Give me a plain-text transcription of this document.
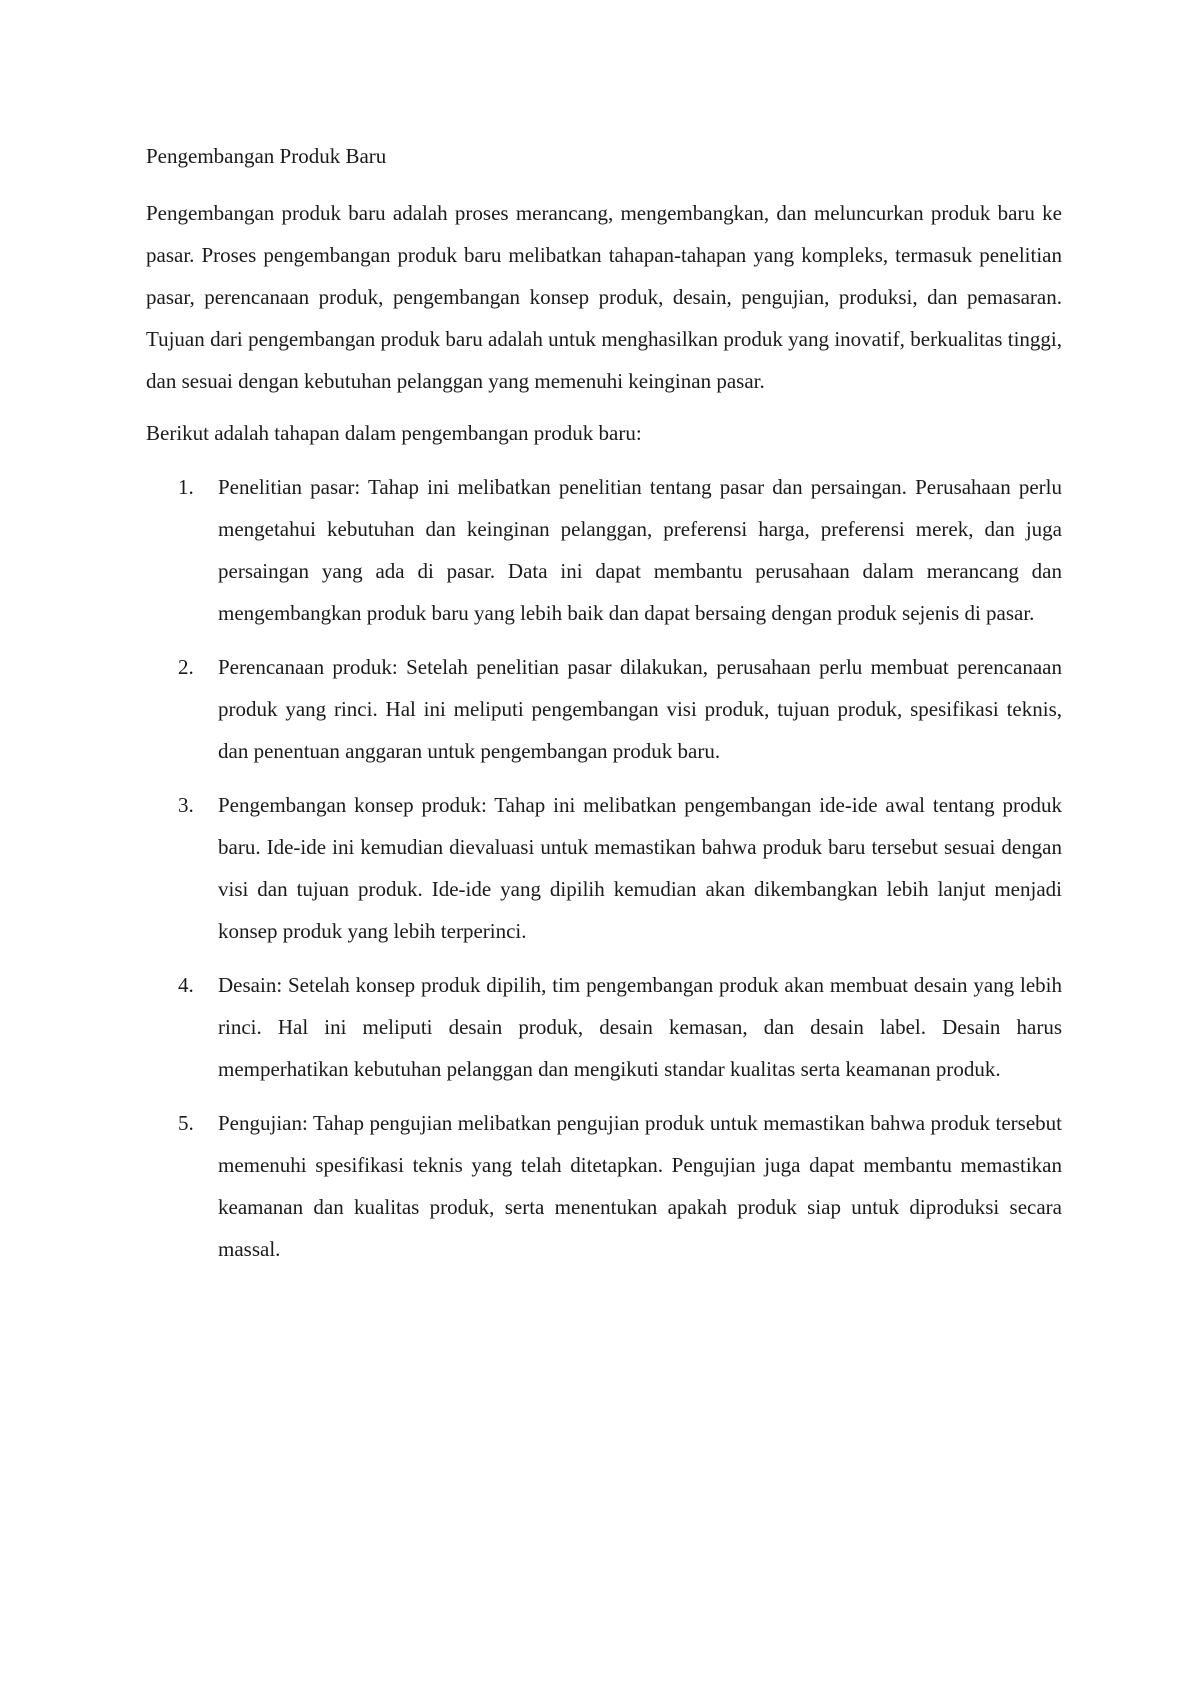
Pengembangan Produk Baru

Pengembangan produk baru adalah proses merancang, mengembangkan, dan meluncurkan produk baru ke pasar. Proses pengembangan produk baru melibatkan tahapan-tahapan yang kompleks, termasuk penelitian pasar, perencanaan produk, pengembangan konsep produk, desain, pengujian, produksi, dan pemasaran. Tujuan dari pengembangan produk baru adalah untuk menghasilkan produk yang inovatif, berkualitas tinggi, dan sesuai dengan kebutuhan pelanggan yang memenuhi keinginan pasar.

Berikut adalah tahapan dalam pengembangan produk baru:

1. Penelitian pasar: Tahap ini melibatkan penelitian tentang pasar dan persaingan. Perusahaan perlu mengetahui kebutuhan dan keinginan pelanggan, preferensi harga, preferensi merek, dan juga persaingan yang ada di pasar. Data ini dapat membantu perusahaan dalam merancang dan mengembangkan produk baru yang lebih baik dan dapat bersaing dengan produk sejenis di pasar.
2. Perencanaan produk: Setelah penelitian pasar dilakukan, perusahaan perlu membuat perencanaan produk yang rinci. Hal ini meliputi pengembangan visi produk, tujuan produk, spesifikasi teknis, dan penentuan anggaran untuk pengembangan produk baru.
3. Pengembangan konsep produk: Tahap ini melibatkan pengembangan ide-ide awal tentang produk baru. Ide-ide ini kemudian dievaluasi untuk memastikan bahwa produk baru tersebut sesuai dengan visi dan tujuan produk. Ide-ide yang dipilih kemudian akan dikembangkan lebih lanjut menjadi konsep produk yang lebih terperinci.
4. Desain: Setelah konsep produk dipilih, tim pengembangan produk akan membuat desain yang lebih rinci. Hal ini meliputi desain produk, desain kemasan, dan desain label. Desain harus memperhatikan kebutuhan pelanggan dan mengikuti standar kualitas serta keamanan produk.
5. Pengujian: Tahap pengujian melibatkan pengujian produk untuk memastikan bahwa produk tersebut memenuhi spesifikasi teknis yang telah ditetapkan. Pengujian juga dapat membantu memastikan keamanan dan kualitas produk, serta menentukan apakah produk siap untuk diproduksi secara massal.
